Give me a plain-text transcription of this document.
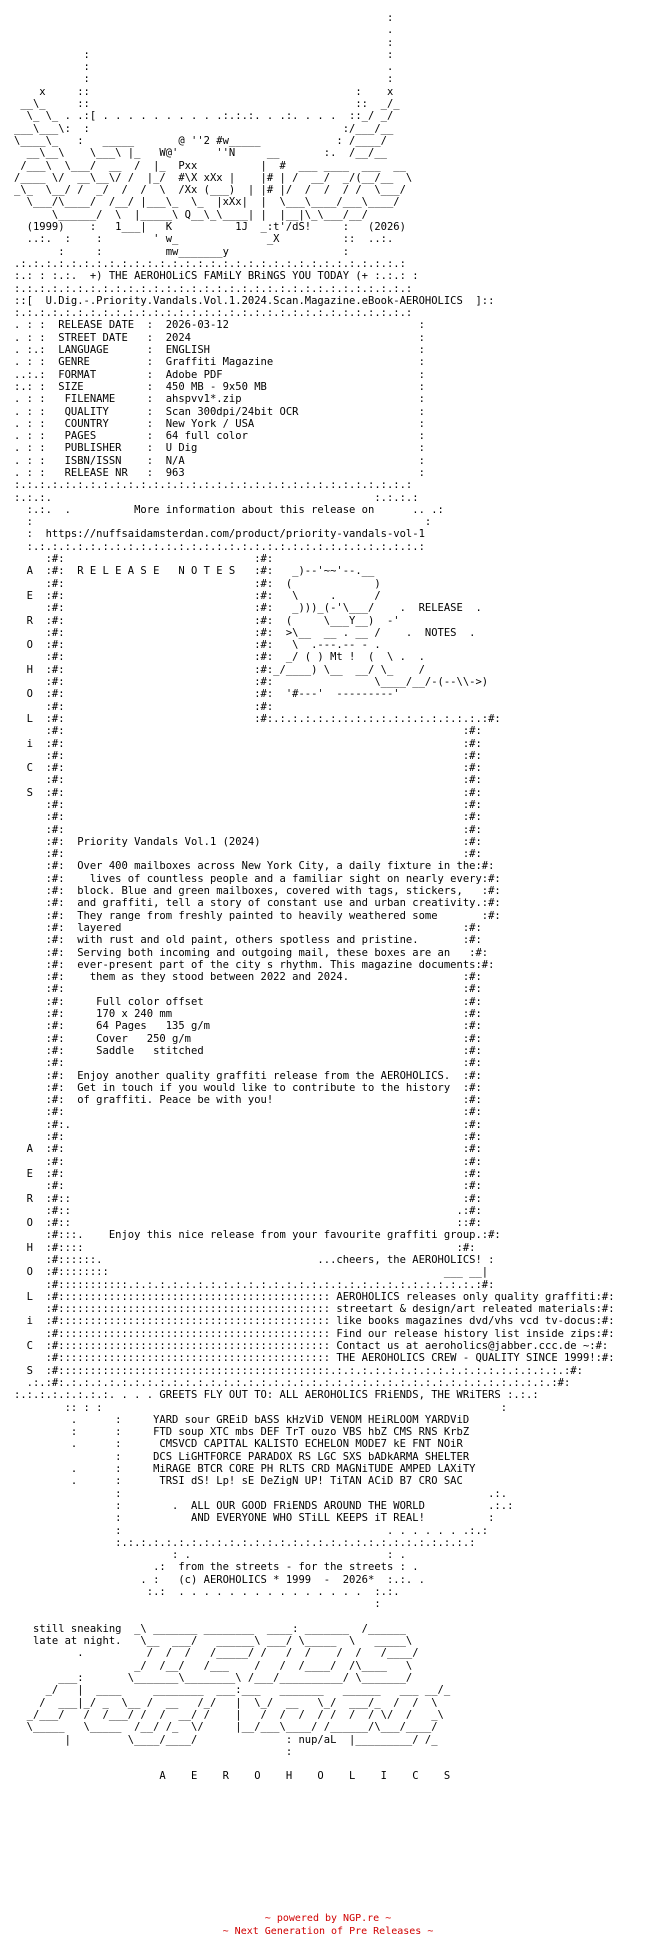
:
.
:
:                                               :
:                                               .
:                                               :
x     ::                                          :    x
__\_     ::                                          ::  _/_
\_ \_ . .:[ . . . . . . . . . .:.:.:. . .:. . . .  ::_/ _/
___\___\:  :                                        :/___/__
\____\_   :   _____       @ ''2 #w_____            : /____/
__\__\    \___\ |_   W@'      ''N     __       :.  /__/__
/___\  \___/  __  /  |_  Pxx          |  #  ___ ____  ___  __
/____ \/  __\__\/ /  |_/  #\X xXx |    |# | /  __/  _/(__/__  \
_\_  \__/ /  _/  /  /  \  /Xx (___)  | |# |/  /  /  / /  \___/
\___/\____/  /__/ |___\_  \_  |xXx|  |  \___\____/___\____/
\______/  \  |_____\ Q__\_\____| |  |__|\_\___/__/
(1999)    :   1___|   K          1J  _:t'/dS!     :   (2026)
..:.  :    :        ' w_              _X          ::  ..:.
:     :          mw_______y                  :
.:.:.:.:.:.:.:.:.:.:.:.:.:.:.:.:.:.:.:.:.:.:.:.:.:.:.:.:.:.:.:
:.: : :.:.  +) THE AEROHOLiCS FAMiLY BRiNGS YOU TODAY (+ :.:.: :
:.:.:.:.:.:.:.:.:.:.:.:.:.:.:.:.:.:.:.:.:.:.:.:.:.:.:.:.:.:.:.:
::[  U.Dig.-.Priority.Vandals.Vol.1.2024.Scan.Magazine.eBook-AEROHOLICS  ]::
:.:.:.:.:.:.:.:.:.:.:.:.:.:.:.:.:.:.:.:.:.:.:.:.:.:.:.:.:.:.:.:
. : :  RELEASE DATE  :  2026-03-12                              :
. : :  STREET DATE   :  2024                                    :
. :.:  LANGUAGE      :  ENGLISH                                 :
. : :  GENRE         :  Graffiti Magazine                       :
..:.:  FORMAT        :  Adobe PDF                               :
:.: :  SIZE          :  450 MB - 9x50 MB                        :
. : :   FILENAME     :  ahspvv1*.zip                            :
. : :   QUALITY      :  Scan 300dpi/24bit OCR                   :
. : :   COUNTRY      :  New York / USA                          :
. : :   PAGES        :  64 full color                           :
. : :   PUBLISHER    :  U Dig                                   :
. : :   ISBN/ISSN    :  N/A                                     :
. : :   RELEASE NR   :  963                                     :
:.:.:.:.:.:.:.:.:.:.:.:.:.:.:.:.:.:.:.:.:.:.:.:.:.:.:.:.:.:.:.:
:.:.:.                                                   :.:.:.:
:.:.  .          More information about this release on      .. .:
:                                                              :
:  https://nuffsaidamsterdan.com/product/priority-vandals-vol-1
:.:.:.:.:.:.:.:.:.:.:.:.:.:.:.:.:.:.:.:.:.:.:.:.:.:.:.:.:.:.:.:
:#:                              :#:
A  :#:  R E L E A S E   N O T E S   :#:   _)--'~~'--.__
:#:                              :#:  (             )
E  :#:                              :#:   \     .      /
:#:                              :#:   _)))_(-'\___/    .  RELEASE  .
R  :#:                              :#:  (     \___Y__)  -'
:#:                              :#:  >\__  __ . __ /    .  NOTES  .
O  :#:                              :#:   \  .---.-- - .
:#:                              :#:  _/ ( ) Mt !  (  \ .  .
H  :#:                              :#:_/____) \__  __/ \_    /
:#:                              :#:                \____/__/-(--\\->)
O  :#:                              :#:  '#---'  ---------'
:#:                              :#:
L  :#:                              :#:.:.:.:.:.:.:.:.:.:.:.:.:.:.:.:.:.:#:
:#:                                                               :#:
i  :#:                                                               :#:
:#:                                                               :#:
C  :#:                                                               :#:
:#:                                                               :#:
S  :#:                                                               :#:
:#:                                                               :#:
:#:                                                               :#:
:#:                                                               :#:
:#:  Priority Vandals Vol.1 (2024)                                :#:
:#:                                                               :#:
:#:  Over 400 mailboxes across New York City, a daily fixture in the:#:
:#:    lives of countless people and a familiar sight on nearly every:#:
:#:  block. Blue and green mailboxes, covered with tags, stickers,   :#:
:#:  and graffiti, tell a story of constant use and urban creativity.:#:
:#:  They range from freshly painted to heavily weathered some       :#:
:#:  layered                                                      :#:
:#:  with rust and old paint, others spotless and pristine.       :#:
:#:  Serving both incoming and outgoing mail, these boxes are an   :#:
:#:  ever-present part of the city s rhythm. This magazine documents:#:
:#:    them as they stood between 2022 and 2024.                  :#:
:#:                                                               :#:
:#:     Full color offset                                         :#:
:#:     170 x 240 mm                                              :#:
:#:     64 Pages   135 g/m                                        :#:
:#:     Cover   250 g/m                                           :#:
:#:     Saddle   stitched                                         :#:
:#:                                                               :#:
:#:  Enjoy another quality graffiti release from the AEROHOLICS.  :#:
:#:  Get in touch if you would like to contribute to the history  :#:
:#:  of graffiti. Peace be with you!                              :#:
:#:                                                               :#:
:#:.                                                              :#:
:#:                                                               :#:
A  :#:                                                               :#:
:#:                                                               :#:
E  :#:                                                               :#:
:#:                                                               :#:
R  :#::                                                              :#:
:#::                                                             .:#:
O  :#::                                                             ::#:
:#:::.    Enjoy this nice release from your favourite graffiti group.:#:
H  :#::::                                                           :#:
:#::::::.                                  ...cheers, the AEROHOLICS! :
O  :#::::::::                                                     ___ __|
:#:::::::::::.:.:.:.:.:.:.:.:.:.:.:.:.:.:.:.:.:.:.:.:.:.:.:.:.:.:.:.:#:
L  :#::::::::::::::::::::::::::::::::::::::::::: AEROHOLICS releases only quality graffiti:#:
:#::::::::::::::::::::::::::::::::::::::::::: streetart & design/art releated materials:#:
i  :#::::::::::::::::::::::::::::::::::::::::::: like books magazines dvd/vhs vcd tv-docus:#:
:#::::::::::::::::::::::::::::::::::::::::::: Find our release history list inside zips:#:
C  :#::::::::::::::::::::::::::::::::::::::::::: Contact us at aeroholics@jabber.ccc.de ~:#:
:#::::::::::::::::::::::::::::::::::::::::::: THE AEROHOLICS CREW - QUALITY SINCE 1999!:#:
S  :#:::::::::::::::::::::::::::::::::::::::::::.:.:.:.:.:.:.:.:.:.:.:.:.:.:.:.:.:.:.:#:
.:.:#:.:.:.:.:.:.:.:.:.:.:.:.:.:.:.:.:.:.:.:.:.:.:.:.:.:.:.:.:.:.:.:.:.:.:.:.:.:.:.:#:
:.:.:.:.:.:.:.:. . . . GREETS FLY OUT TO: ALL AEROHOLICS FRiENDS, THE WRiTERS :.:.:
:: : :                                                               :
.      :     YARD sour GREiD bASS kHzViD VENOM HEiRLOOM YARDViD
:      :     FTD soup XTC mbs DEF TrT ouzo VBS hbZ CMS RNS KrbZ
.      :      CMSVCD CAPITAL KALISTO ECHELON MODE7 kE FNT NOiR
:     DCS LiGHTFORCE PARADOX RS LGC SXS bADkARMA SHELTER
.      :     MiRAGE BTCR CORE PH RLTS CRD MAGNiTUDE AMPED LAXiTY
.      :      TRSI dS! Lp! sE DeZigN UP! TiTAN ACiD B7 CRO SAC
:                                                          .:.
:        .  ALL OUR GOOD FRiENDS AROUND THE WORLD          .:.:
:           AND EVERYONE WHO STiLL KEEPS iT REAL!          :
:                                          . . . . . . .:.:
:.:.:.:.:.:.:.:.:.:.:.:.:.:.:.:.:.:.:.:.:.:.:.:.:.:.:.:.:
: .                               : .
.:  from the streets - for the streets : .
. :   (c) AEROHOLICS * 1999  -  2026*  :.:. .
:.:  . . . . . . . . . . . . . . .  :.:.
:
still sneaking  _\ _______ ________  ____: _______  /______
late at night.   \__  ___/   ______\ ___/ \_____  \   _____\
.          /  /  /   /_____/ /   /  /    /  /   /____/
_/  /__/   /___    /   /  /____/  /\____   \
___:       \_______\________\ /___/__________/ \_______/
_/   |  ____     ________  ___:___   _______   ______   ___ __/_
/  ___|_/ _  \__ /  __   /_/   |  \_/  __   \_/  ___/_  /  /  \
_/___/   /  /___/ /  /  __/ /    |   /  /  /  / /  /  / \/  /   _\
\_____   \_____  /__/ /_  \/     |__/___\____/ /______/\___/____/
|         \____/____/              : nup/aL  |_________/ /_
:
A    E    R    O    H    O    L    I    C    S
~ powered by NGP.re ~
~ Next Generation of Pre Releases ~
